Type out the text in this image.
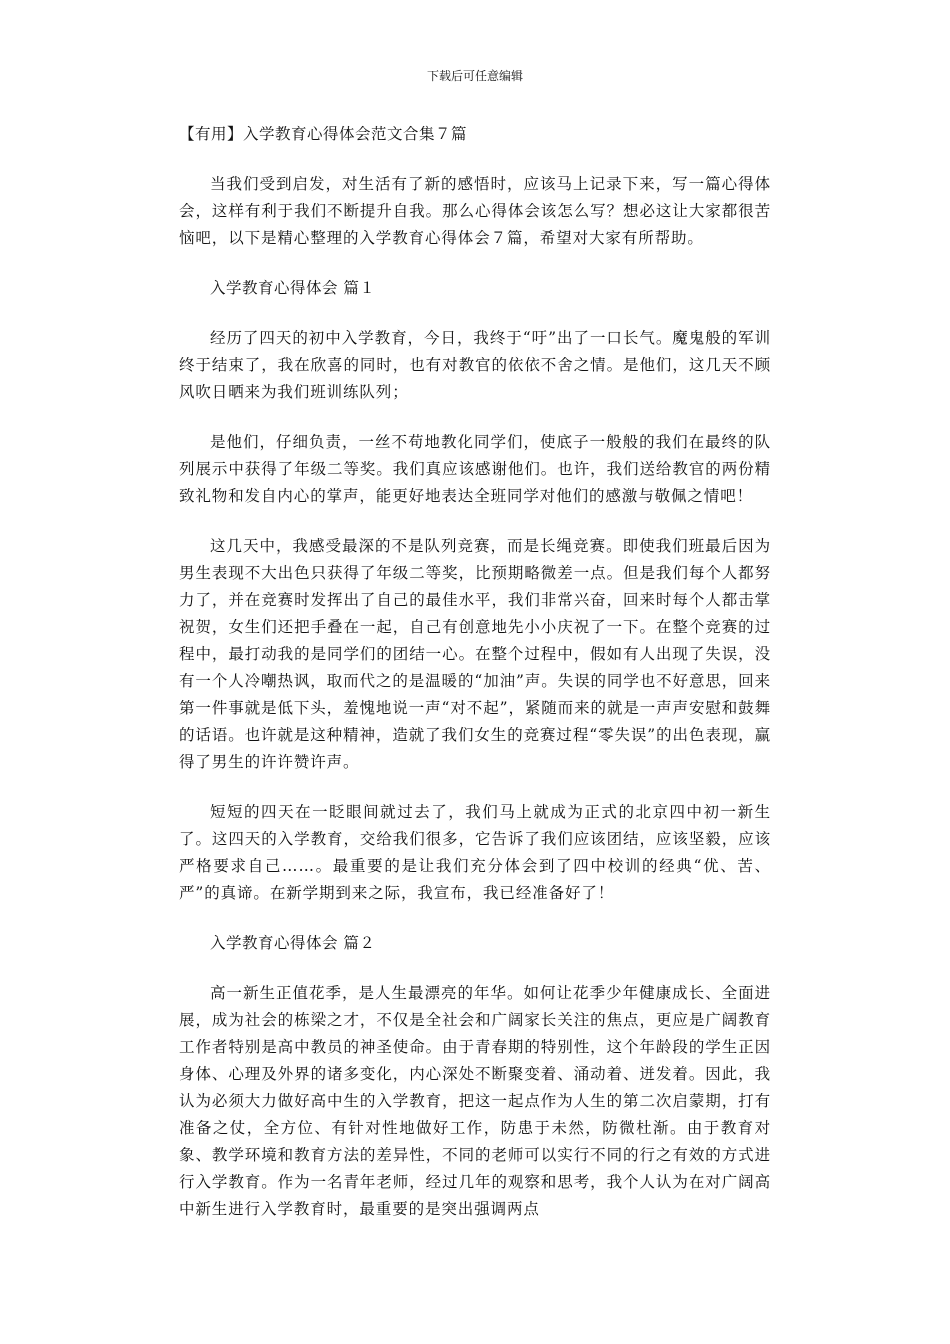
下载后可任意编辑
【有用】入学教育心得体会范文合集７篇

当我们受到启发，对生活有了新的感悟时，应该马上记录下来，写一篇心得体会，这样有利于我们不断提升自我。那么心得体会该怎么写？想必这让大家都很苦恼吧，以下是精心整理的入学教育心得体会７篇，希望对大家有所帮助。

入学教育心得体会 篇１

经历了四天的初中入学教育，今日，我终于“吁”出了一口长气。魔鬼般的军训终于结束了，我在欣喜的同时，也有对教官的依依不舍之情。是他们，这几天不顾风吹日晒来为我们班训练队列；

是他们，仔细负责，一丝不苟地教化同学们，使底子一般般的我们在最终的队列展示中获得了年级二等奖。我们真应该感谢他们。也许，我们送给教官的两份精致礼物和发自内心的掌声，能更好地表达全班同学对他们的感激与敬佩之情吧！

这几天中，我感受最深的不是队列竞赛，而是长绳竞赛。即使我们班最后因为男生表现不大出色只获得了年级二等奖，比预期略微差一点。但是我们每个人都努力了，并在竞赛时发挥出了自己的最佳水平，我们非常兴奋，回来时每个人都击掌祝贺，女生们还把手叠在一起，自己有创意地先小小庆祝了一下。在整个竞赛的过程中，最打动我的是同学们的团结一心。在整个过程中，假如有人出现了失误，没有一个人冷嘲热讽，取而代之的是温暖的“加油”声。失误的同学也不好意思，回来第一件事就是低下头，羞愧地说一声“对不起”，紧随而来的就是一声声安慰和鼓舞的话语。也许就是这种精神，造就了我们女生的竞赛过程“零失误”的出色表现，赢得了男生的许许赞许声。

短短的四天在一眨眼间就过去了，我们马上就成为正式的北京四中初一新生了。这四天的入学教育，交给我们很多，它告诉了我们应该团结，应该坚毅，应该严格要求自己……。最重要的是让我们充分体会到了四中校训的经典“优、苦、严”的真谛。在新学期到来之际，我宣布，我已经准备好了！

入学教育心得体会 篇２

高一新生正值花季，是人生最漂亮的年华。如何让花季少年健康成长、全面进展，成为社会的栋梁之才，不仅是全社会和广阔家长关注的焦点，更应是广阔教育工作者特别是高中教员的神圣使命。由于青春期的特别性，这个年龄段的学生正因身体、心理及外界的诸多变化，内心深处不断聚变着、涌动着、迸发着。因此，我认为必须大力做好高中生的入学教育，把这一起点作为人生的第二次启蒙期，打有准备之仗，全方位、有针对性地做好工作，防患于未然，防微杜渐。由于教育对象、教学环境和教育方法的差异性，不同的老师可以实行不同的行之有效的方式进行入学教育。作为一名青年老师，经过几年的观察和思考，我个人认为在对广阔高中新生进行入学教育时，最重要的是突出强调两点
